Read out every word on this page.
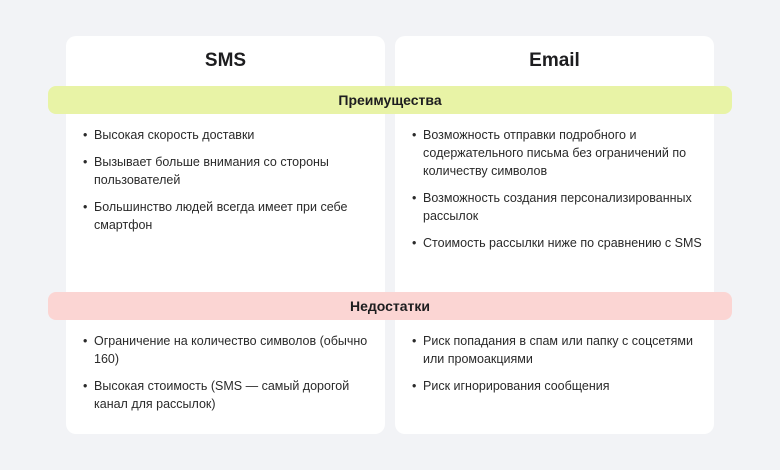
SMS	Email
Преимущества
• Высокая скорость доставки
• Вызывает больше внимания со стороны пользователей
• Большинство людей всегда имеет при себе смартфон
• Возможность отправки подробного и содержательного письма без ограничений по количеству символов
• Возможность создания персонализированных рассылок
• Стоимость рассылки ниже по сравнению с SMS
Недостатки
• Ограничение на количество символов (обычно 160)
• Высокая стоимость (SMS — самый дорогой канал для рассылок)
• Риск попадания в спам или папку с соцсетями или промоакциями
• Риск игнорирования сообщения
